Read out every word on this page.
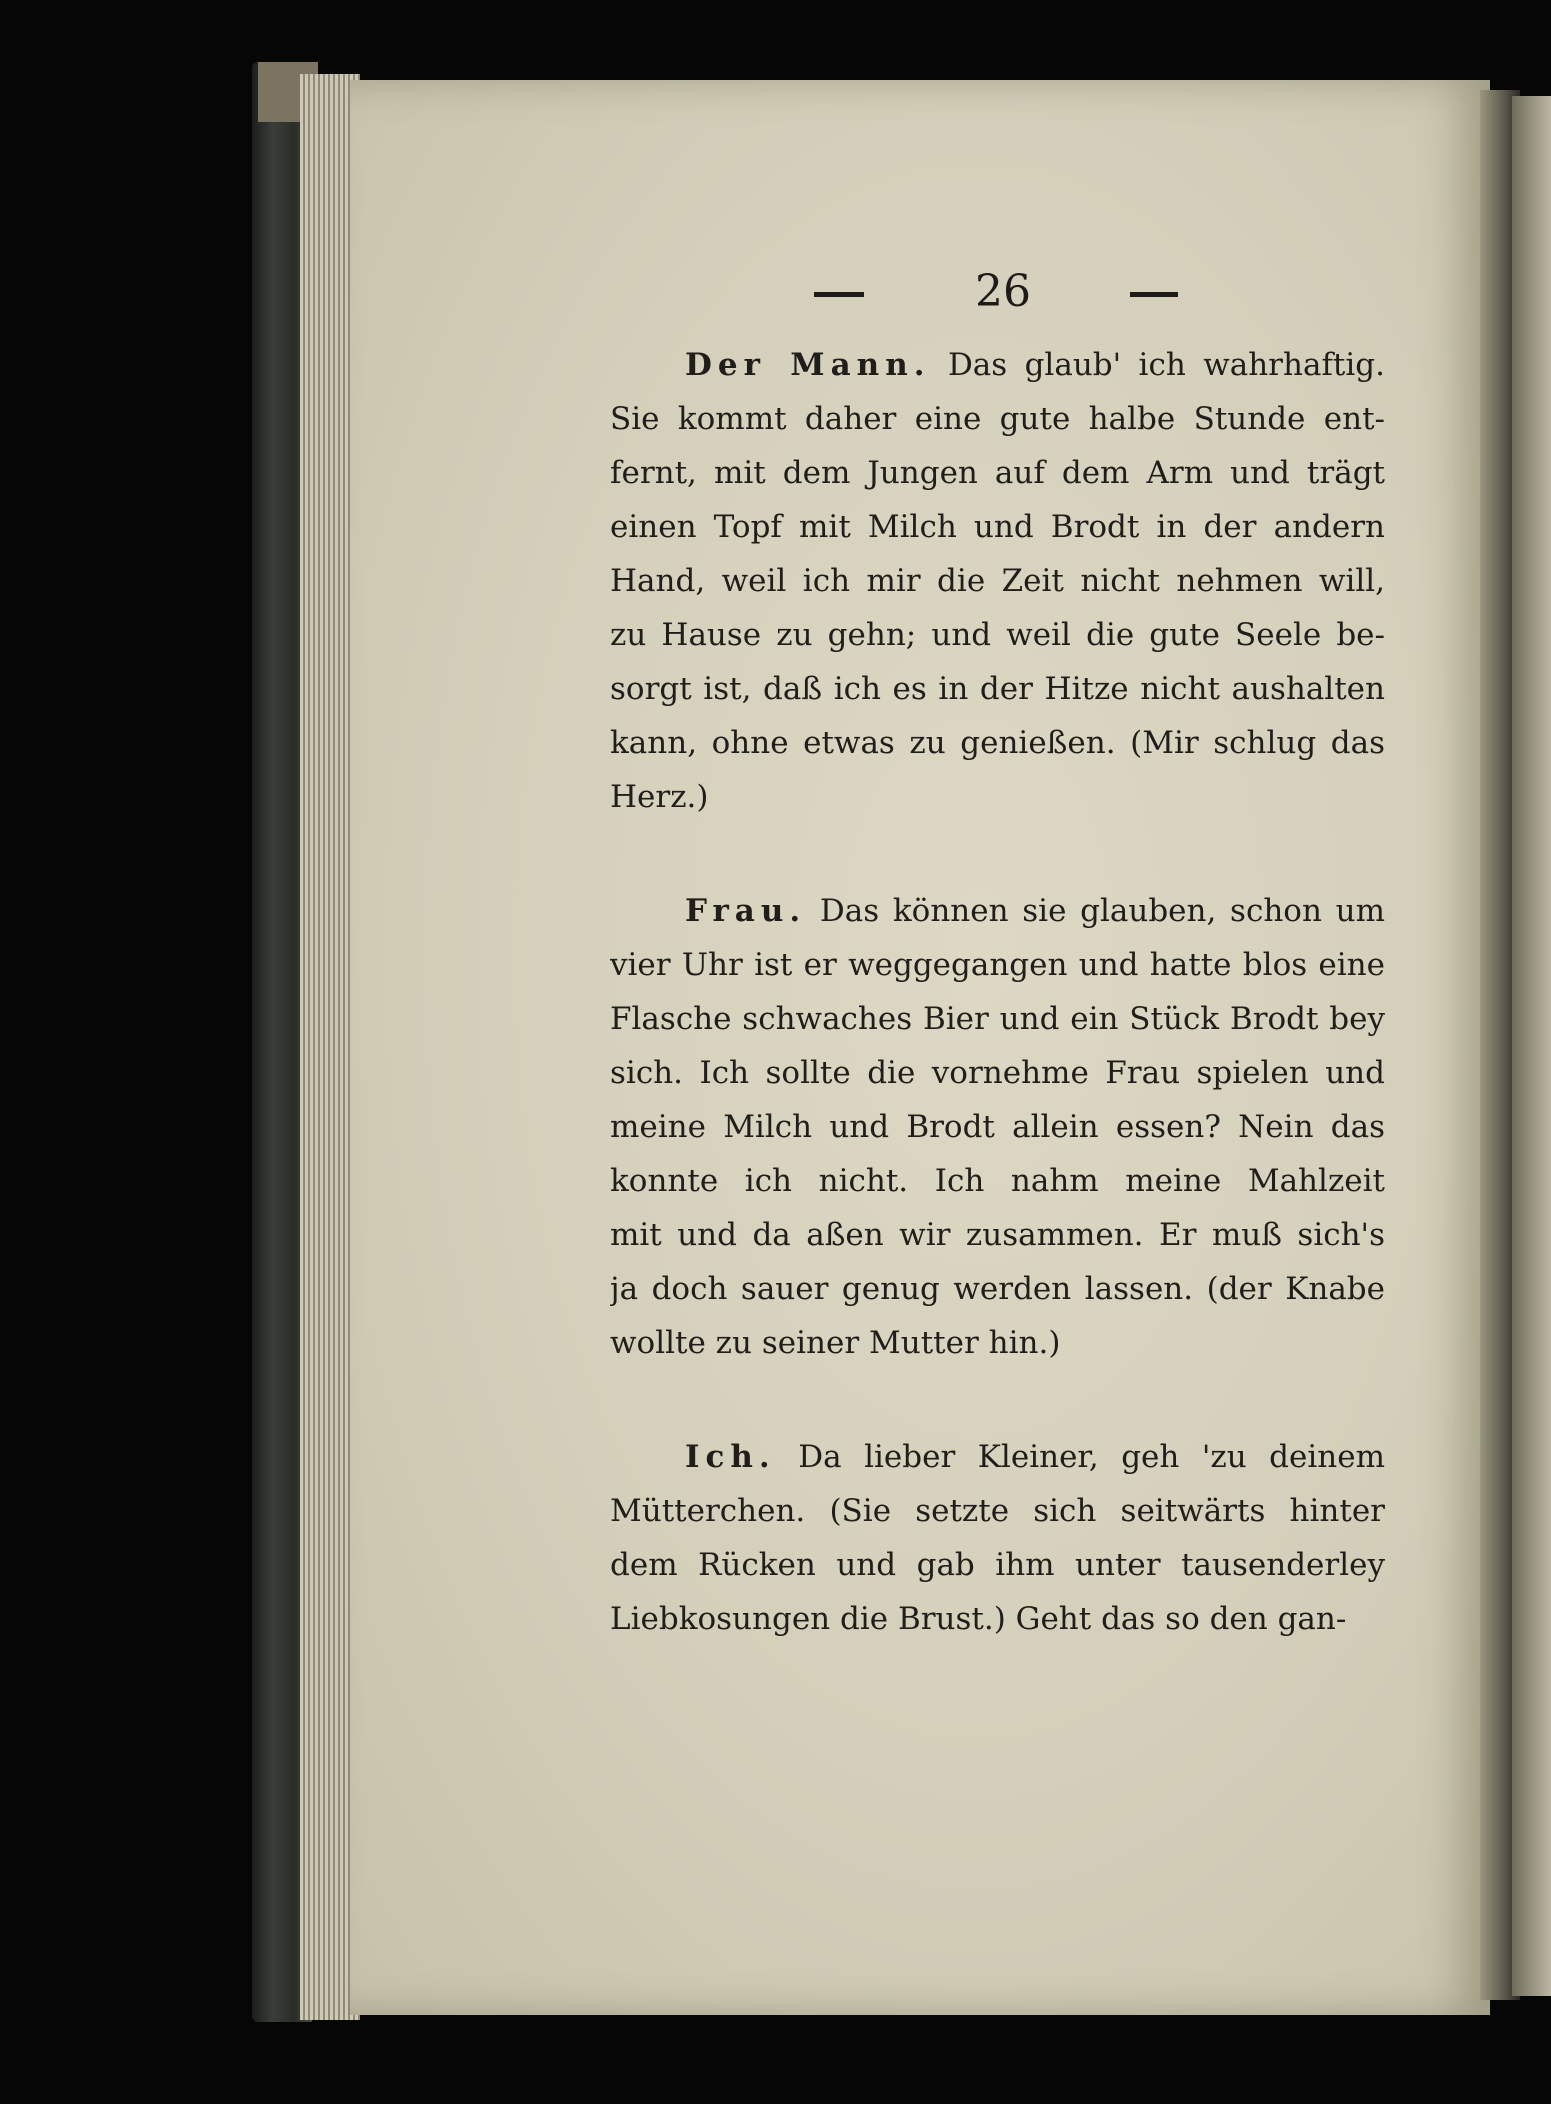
26
Der Mann. Das glaub' ich wahrhaftig.
Sie kommt daher eine gute halbe Stunde ent-
fernt, mit dem Jungen auf dem Arm und trägt
einen Topf mit Milch und Brodt in der andern
Hand, weil ich mir die Zeit nicht nehmen will,
zu Hause zu gehn; und weil die gute Seele be-
sorgt ist, daß ich es in der Hitze nicht aushalten
kann, ohne etwas zu genießen. (Mir schlug das
Herz.)
Frau. Das können sie glauben, schon um
vier Uhr ist er weggegangen und hatte blos eine
Flasche schwaches Bier und ein Stück Brodt bey
sich. Ich sollte die vornehme Frau spielen und
meine Milch und Brodt allein essen? Nein das
konnte ich nicht. Ich nahm meine Mahlzeit
mit und da aßen wir zusammen. Er muß sich's
ja doch sauer genug werden lassen. (der Knabe
wollte zu seiner Mutter hin.)
Ich. Da lieber Kleiner, geh 'zu deinem
Mütterchen. (Sie setzte sich seitwärts hinter
dem Rücken und gab ihm unter tausenderley
Liebkosungen die Brust.) Geht das so den gan-
